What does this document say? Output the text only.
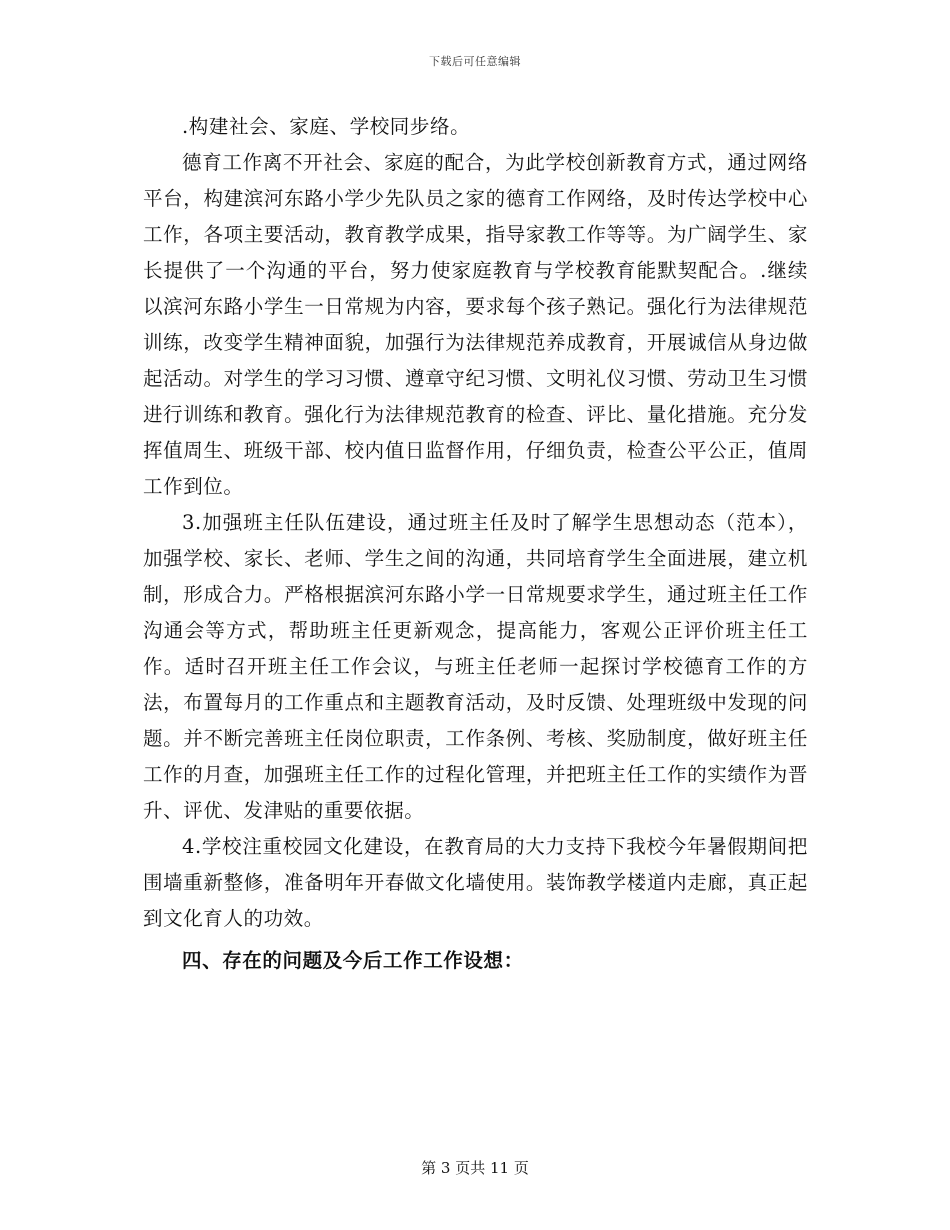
下载后可任意编辑

.构建社会、家庭、学校同步络。

德育工作离不开社会、家庭的配合，为此学校创新教育方式，通过网络平台，构建滨河东路小学少先队员之家的德育工作网络，及时传达学校中心工作，各项主要活动，教育教学成果，指导家教工作等等。为广阔学生、家长提供了一个沟通的平台，努力使家庭教育与学校教育能默契配合。.继续以滨河东路小学生一日常规为内容，要求每个孩子熟记。强化行为法律规范训练，改变学生精神面貌，加强行为法律规范养成教育，开展诚信从身边做起活动。对学生的学习习惯、遵章守纪习惯、文明礼仪习惯、劳动卫生习惯进行训练和教育。强化行为法律规范教育的检查、评比、量化措施。充分发挥值周生、班级干部、校内值日监督作用，仔细负责，检查公平公正，值周工作到位。

3.加强班主任队伍建设，通过班主任及时了解学生思想动态（范本），加强学校、家长、老师、学生之间的沟通，共同培育学生全面进展，建立机制，形成合力。严格根据滨河东路小学一日常规要求学生，通过班主任工作沟通会等方式，帮助班主任更新观念，提高能力，客观公正评价班主任工作。适时召开班主任工作会议，与班主任老师一起探讨学校德育工作的方法，布置每月的工作重点和主题教育活动，及时反馈、处理班级中发现的问题。并不断完善班主任岗位职责，工作条例、考核、奖励制度，做好班主任工作的月查，加强班主任工作的过程化管理，并把班主任工作的实绩作为晋升、评优、发津贴的重要依据。

4.学校注重校园文化建设，在教育局的大力支持下我校今年暑假期间把围墙重新整修，准备明年开春做文化墙使用。装饰教学楼道内走廊，真正起到文化育人的功效。

四、存在的问题及今后工作工作设想：

第 3 页共 11 页
